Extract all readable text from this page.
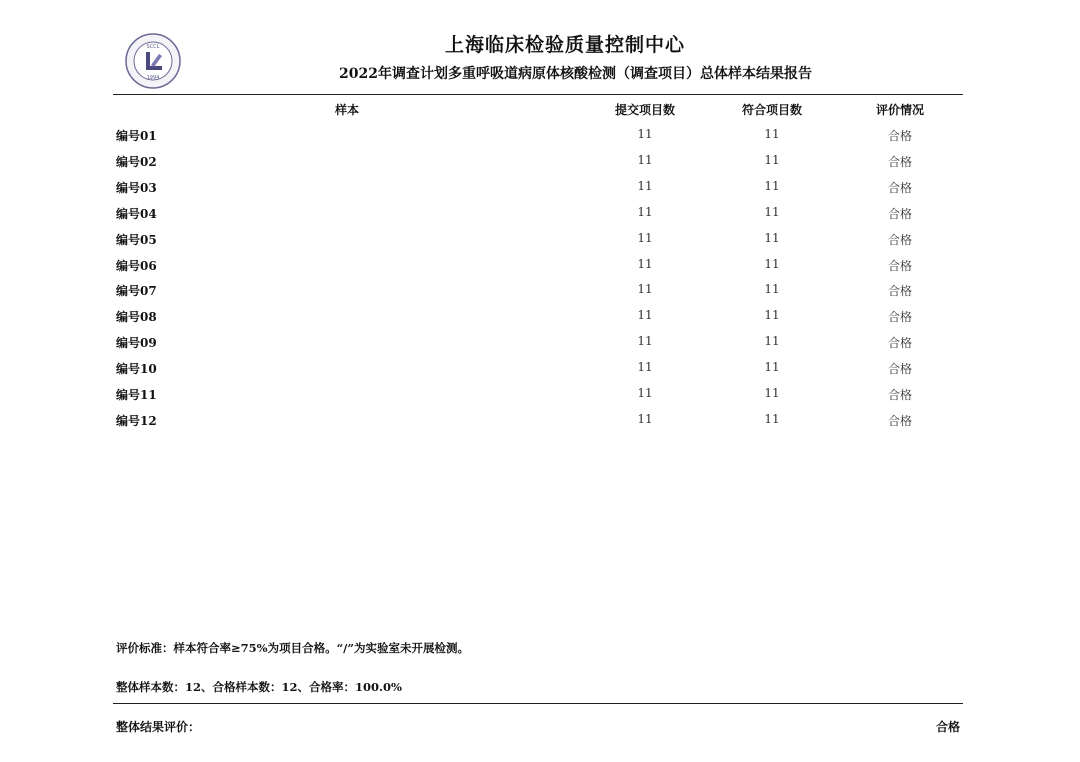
SCCL
1994
上海临床检验质量控制中心
2022年调查计划多重呼吸道病原体核酸检测（调查项目）总体样本结果报告
样本	提交项目数	符合项目数	评价情况
编号01	11	11	合格
编号02	11	11	合格
编号03	11	11	合格
编号04	11	11	合格
编号05	11	11	合格
编号06	11	11	合格
编号07	11	11	合格
编号08	11	11	合格
编号09	11	11	合格
编号10	11	11	合格
编号11	11	11	合格
编号12	11	11	合格
评价标准：样本符合率≥75%为项目合格。“/”为实验室未开展检测。
整体样本数：12、合格样本数：12、合格率：100.0%
整体结果评价：	合格
